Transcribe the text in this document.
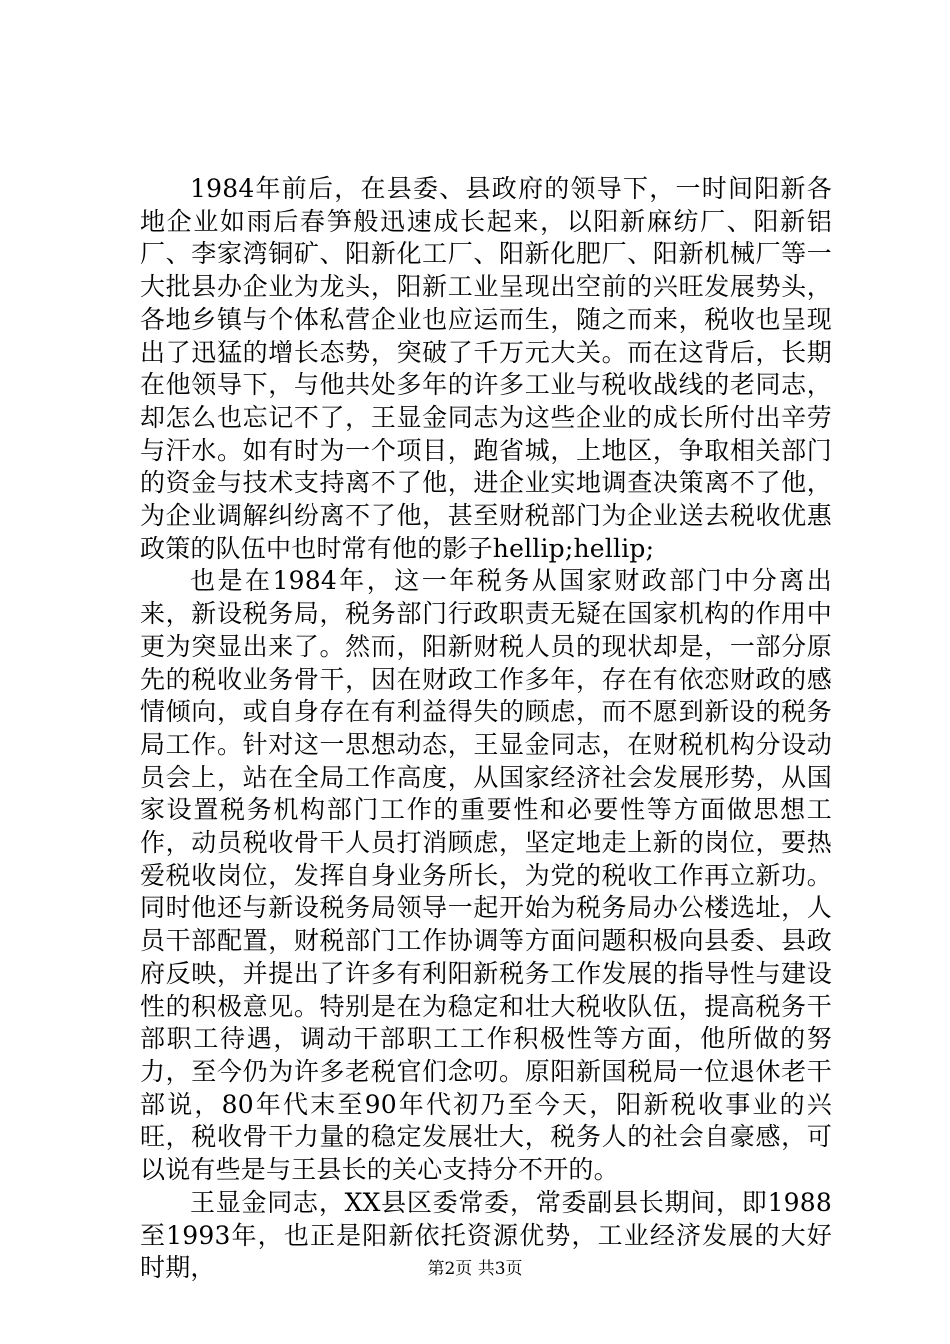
1984年前后，在县委、县政府的领导下，一时间阳新各地企业如雨后春笋般迅速成长起来，以阳新麻纺厂、阳新铝厂、李家湾铜矿、阳新化工厂、阳新化肥厂、阳新机械厂等一大批县办企业为龙头，阳新工业呈现出空前的兴旺发展势头，各地乡镇与个体私营企业也应运而生，随之而来，税收也呈现出了迅猛的增长态势，突破了千万元大关。而在这背后，长期在他领导下，与他共处多年的许多工业与税收战线的老同志，却怎么也忘记不了，王显金同志为这些企业的成长所付出辛劳与汗水。如有时为一个项目，跑省城，上地区，争取相关部门的资金与技术支持离不了他，进企业实地调查决策离不了他，为企业调解纠纷离不了他，甚至财税部门为企业送去税收优惠政策的队伍中也时常有他的影子hellip;hellip;

也是在1984年，这一年税务从国家财政部门中分离出来，新设税务局，税务部门行政职责无疑在国家机构的作用中更为突显出来了。然而，阳新财税人员的现状却是，一部分原先的税收业务骨干，因在财政工作多年，存在有依恋财政的感情倾向，或自身存在有利益得失的顾虑，而不愿到新设的税务局工作。针对这一思想动态，王显金同志，在财税机构分设动员会上，站在全局工作高度，从国家经济社会发展形势，从国家设置税务机构部门工作的重要性和必要性等方面做思想工作，动员税收骨干人员打消顾虑，坚定地走上新的岗位，要热爱税收岗位，发挥自身业务所长，为党的税收工作再立新功。同时他还与新设税务局领导一起开始为税务局办公楼选址，人员干部配置，财税部门工作协调等方面问题积极向县委、县政府反映，并提出了许多有利阳新税务工作发展的指导性与建设性的积极意见。特别是在为稳定和壮大税收队伍，提高税务干部职工待遇，调动干部职工工作积极性等方面，他所做的努力，至今仍为许多老税官们念叨。原阳新国税局一位退休老干部说，80年代末至90年代初乃至今天，阳新税收事业的兴旺，税收骨干力量的稳定发展壮大，税务人的社会自豪感，可以说有些是与王县长的关心支持分不开的。

王显金同志，XX县区委常委，常委副县长期间，即1988至1993年，也正是阳新依托资源优势，工业经济发展的大好时期，	第2页 共3页
